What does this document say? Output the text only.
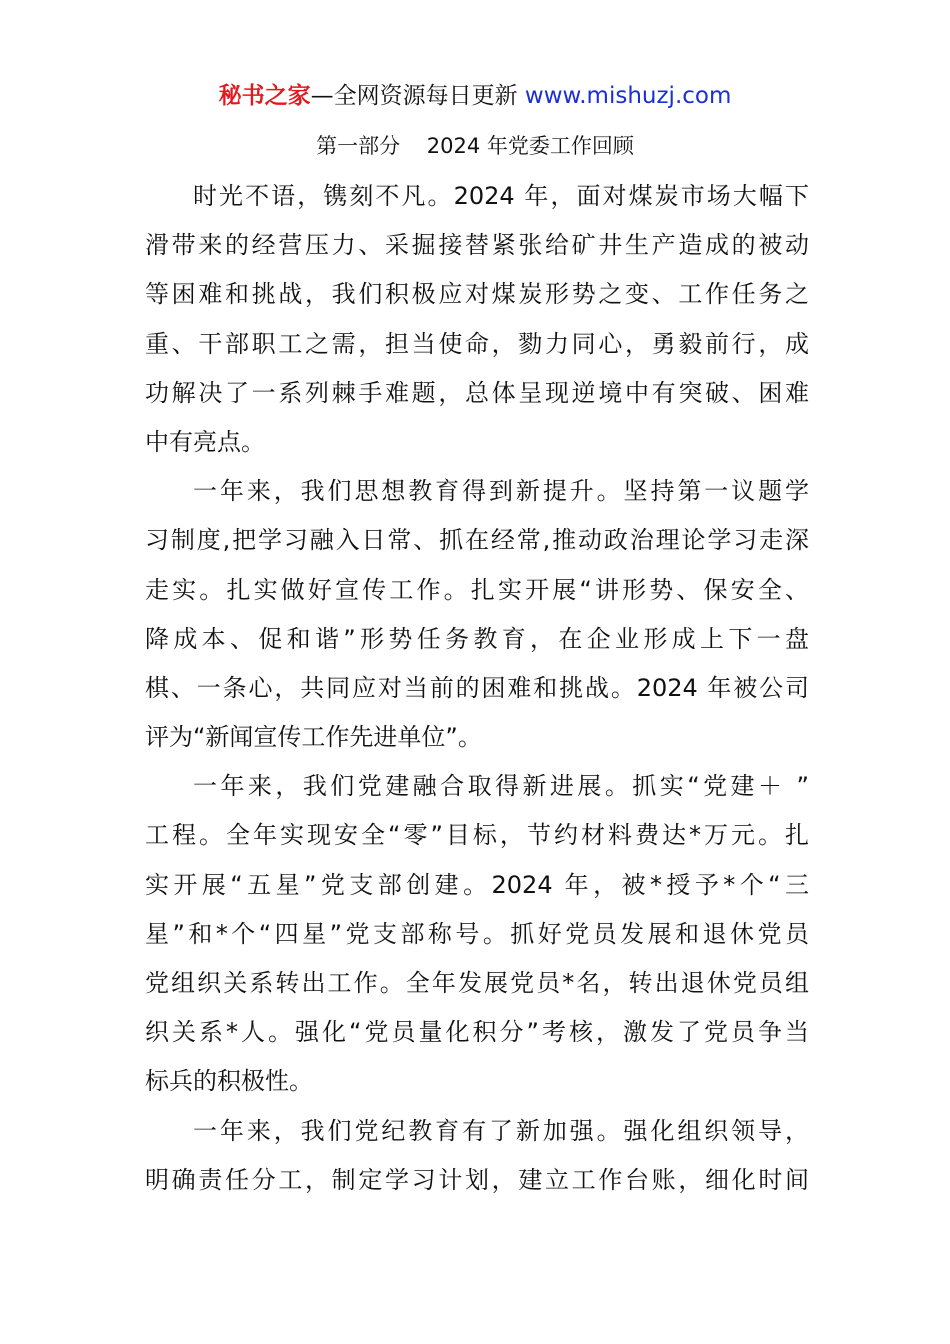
秘书之家—全网资源每日更新 www.mishuzj.com
第一部分    2024 年党委工作回顾
时光不语，镌刻不凡。2024 年，面对煤炭市场大幅下
滑带来的经营压力、采掘接替紧张给矿井生产造成的被动
等困难和挑战，我们积极应对煤炭形势之变、工作任务之
重、干部职工之需，担当使命，勠力同心，勇毅前行，成
功解决了一系列棘手难题，总体呈现逆境中有突破、困难
中有亮点。
一年来，我们思想教育得到新提升。坚持第一议题学
习制度,把学习融入日常、抓在经常,推动政治理论学习走深
走实。扎实做好宣传工作。扎实开展“讲形势、保安全、
降成本、促和谐”形势任务教育，在企业形成上下一盘
棋、一条心，共同应对当前的困难和挑战。2024 年被公司
评为“新闻宣传工作先进单位”。
一年来，我们党建融合取得新进展。抓实“党建＋ ”
工程。全年实现安全“零”目标，节约材料费达*万元。扎
实开展“五星”党支部创建。2024 年，被*授予*个“三
星”和*个“四星”党支部称号。抓好党员发展和退休党员
党组织关系转出工作。全年发展党员*名，转出退休党员组
织关系*人。强化“党员量化积分”考核，激发了党员争当
标兵的积极性。
一年来，我们党纪教育有了新加强。强化组织领导，
明确责任分工，制定学习计划，建立工作台账，细化时间
